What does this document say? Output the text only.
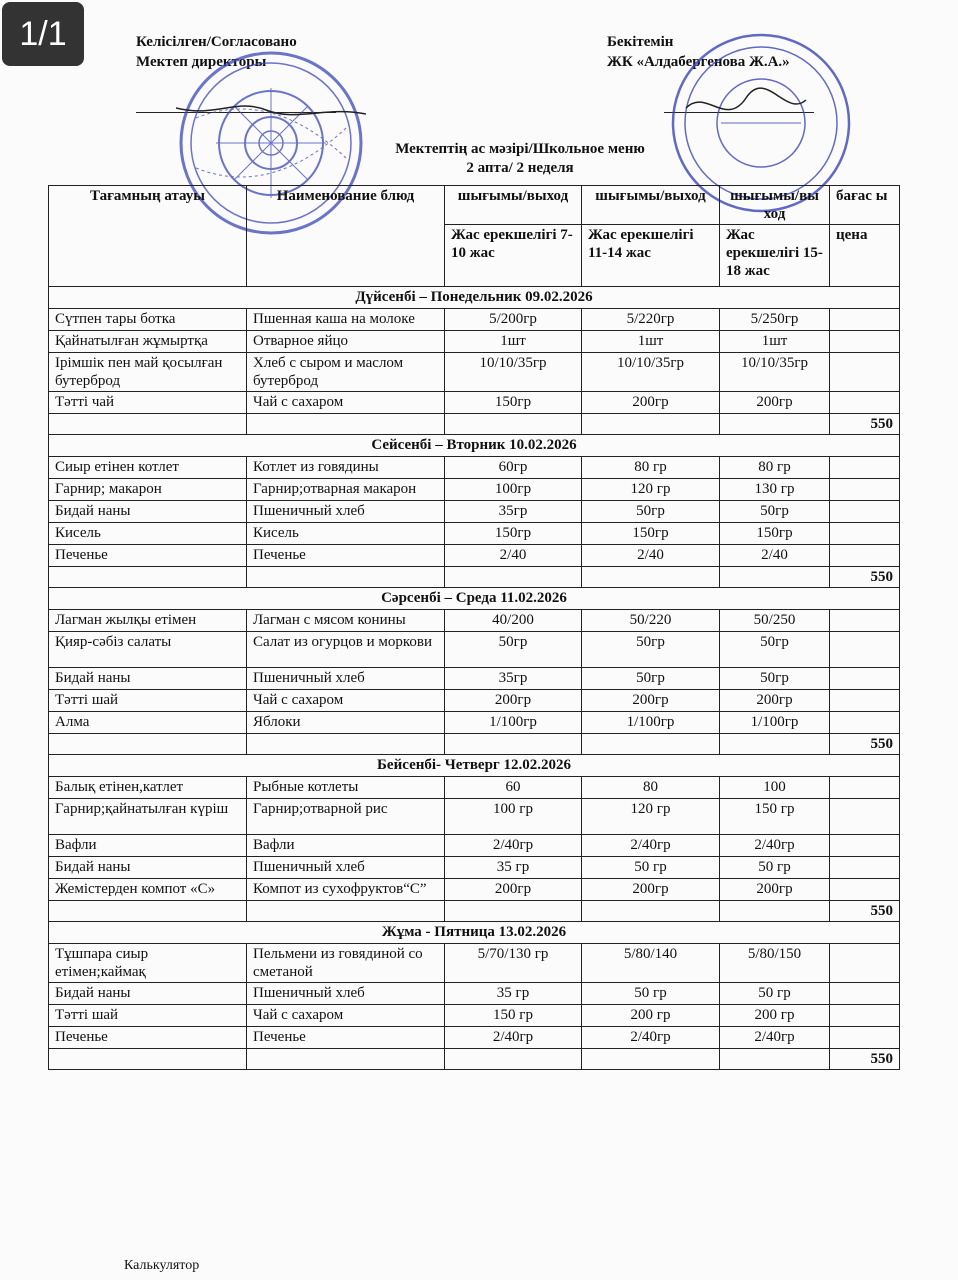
1/1	Келісілген/Согласовано
Мектеп директоры
Бекітемін
ЖК «Алдабергенова Ж.А.»
Мектептің ас мәзірі/Школьное меню
2 апта/ 2 неделя
Тағамның атауы	Наименование блюд	шығымы/выход	шығымы/выход	шығымы/вы ход	бағас ы
		Жас ерекшелігі 7-10 жас	Жас ерекшелігі 11-14 жас	Жас ерекшелігі 15-18 жас	цена
Дүйсенбі – Понедельник 09.02.2026					
Сүтпен тары ботка	Пшенная каша на молоке	5/200гр	5/220гр	5/250гр	
Қайнатылған жұмыртқа	Отварное яйцо	1шт	1шт	1шт	
Ірімшік пен май қосылған бутерброд	Хлеб с сыром и маслом бутерброд	10/10/35гр	10/10/35гр	10/10/35гр	
Тәтті чай	Чай с сахаром	150гр	200гр	200гр	
					550
Сейсенбі – Вторник 10.02.2026					
Сиыр етінен котлет	Котлет из говядины	60гр	80 гр	80 гр	
Гарнир; макарон	Гарнир;отварная макарон	100гр	120 гр	130 гр	
Бидай наны	Пшеничный хлеб	35гр	50гр	50гр	
Кисель	Кисель	150гр	150гр	150гр	
Печенье	Печенье	2/40	2/40	2/40	
					550
Сәрсенбі – Среда 11.02.2026					
Лагман жылқы етімен	Лагман с мясом конины	40/200	50/220	50/250	
Қияр-сәбіз салаты	Салат из огурцов и моркови	50гр	50гр	50гр	
Бидай наны	Пшеничный хлеб	35гр	50гр	50гр	
Тәтті шай	Чай с сахаром	200гр	200гр	200гр	
Алма	Яблоки	1/100гр	1/100гр	1/100гр	
					550
Бейсенбі- Четверг 12.02.2026					
Балық етінен,катлет	Рыбные котлеты	60	80	100	
Гарнир;қайнатылған күріш	Гарнир;отварной рис	100 гр	120 гр	150 гр	
Вафли	Вафли	2/40гр	2/40гр	2/40гр	
Бидай наны	Пшеничный хлеб	35 гр	50 гр	50 гр	
Жемістерден компот «С»	Компот из сухофруктов“С”	200гр	200гр	200гр	
					550
Жұма - Пятница 13.02.2026					
Тұшпара сиыр етімен;каймақ	Пельмени из говядиной со сметаной	5/70/130 гр	5/80/140	5/80/150	
Бидай наны	Пшеничный хлеб	35 гр	50 гр	50 гр	
Тәтті шай	Чай с сахаром	150 гр	200 гр	200 гр	
Печенье	Печенье	2/40гр	2/40гр	2/40гр	
					550
Калькулятор
